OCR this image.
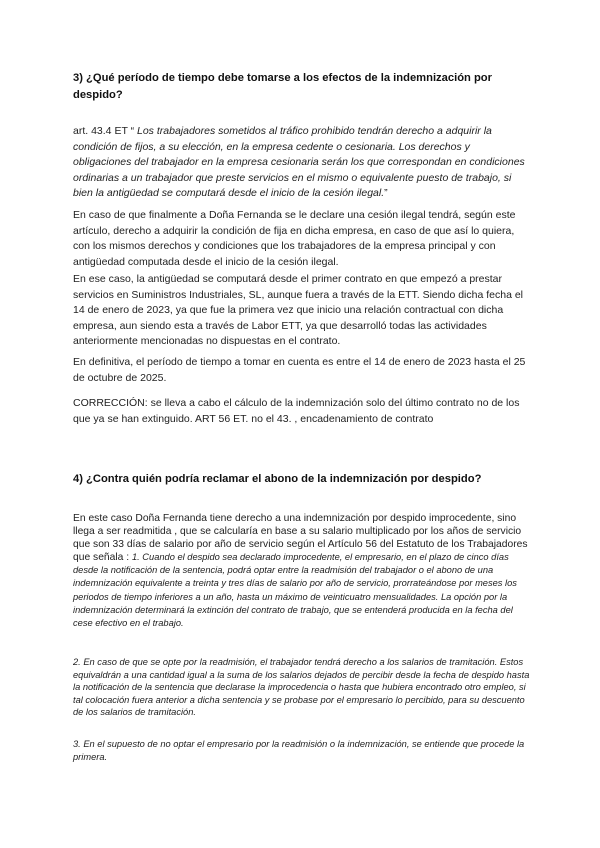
3) ¿Qué período de tiempo debe tomarse a los efectos de la indemnización por despido?

art. 43.4 ET “ Los trabajadores sometidos al tráfico prohibido tendrán derecho a adquirir la condición de fijos, a su elección, en la empresa cedente o cesionaria. Los derechos y obligaciones del trabajador en la empresa cesionaria serán los que correspondan en condiciones ordinarias a un trabajador que preste servicios en el mismo o equivalente puesto de trabajo, si bien la antigüedad se computará desde el inicio de la cesión ilegal.”

En caso de que finalmente a Doña Fernanda se le declare una cesión ilegal tendrá, según este artículo, derecho a adquirir la condición de fija en dicha empresa, en caso de que así lo quiera, con los mismos derechos y condiciones que los trabajadores de la empresa principal y con antigüedad computada desde el inicio de la cesión ilegal.

En ese caso, la antigüedad se computará desde el primer contrato en que empezó a prestar servicios en Suministros Industriales, SL, aunque fuera a través de la ETT. Siendo dicha fecha el 14 de enero de 2023, ya que fue la primera vez que inicio una relación contractual con dicha empresa, aun siendo esta a través de Labor ETT, ya que desarrolló todas las actividades anteriormente mencionadas no dispuestas en el contrato.

En definitiva, el período de tiempo a tomar en cuenta es entre el 14 de enero de 2023 hasta el 25 de octubre de 2025.

CORRECCIÓN: se lleva a cabo el cálculo de la indemnización solo del último contrato no de los que ya se han extinguido. ART 56 ET. no el 43. , encadenamiento de contrato

4) ¿Contra quién podría reclamar el abono de la indemnización por despido?

En este caso Doña Fernanda tiene derecho a una indemnización por despido improcedente, sino llega a ser readmitida , que se calcularía en base a su salario multiplicado por los años de servicio que son 33 días de salario por año de servicio según el Artículo 56 del Estatuto de los Trabajadores que señala : 1. Cuando el despido sea declarado improcedente, el empresario, en el plazo de cinco días desde la notificación de la sentencia, podrá optar entre la readmisión del trabajador o el abono de una indemnización equivalente a treinta y tres días de salario por año de servicio, prorrateándose por meses los periodos de tiempo inferiores a un año, hasta un máximo de veinticuatro mensualidades. La opción por la indemnización determinará la extinción del contrato de trabajo, que se entenderá producida en la fecha del cese efectivo en el trabajo.

2. En caso de que se opte por la readmisión, el trabajador tendrá derecho a los salarios de tramitación. Estos equivaldrán a una cantidad igual a la suma de los salarios dejados de percibir desde la fecha de despido hasta la notificación de la sentencia que declarase la improcedencia o hasta que hubiera encontrado otro empleo, si tal colocación fuera anterior a dicha sentencia y se probase por el empresario lo percibido, para su descuento de los salarios de tramitación.

3. En el supuesto de no optar el empresario por la readmisión o la indemnización, se entiende que procede la primera.
